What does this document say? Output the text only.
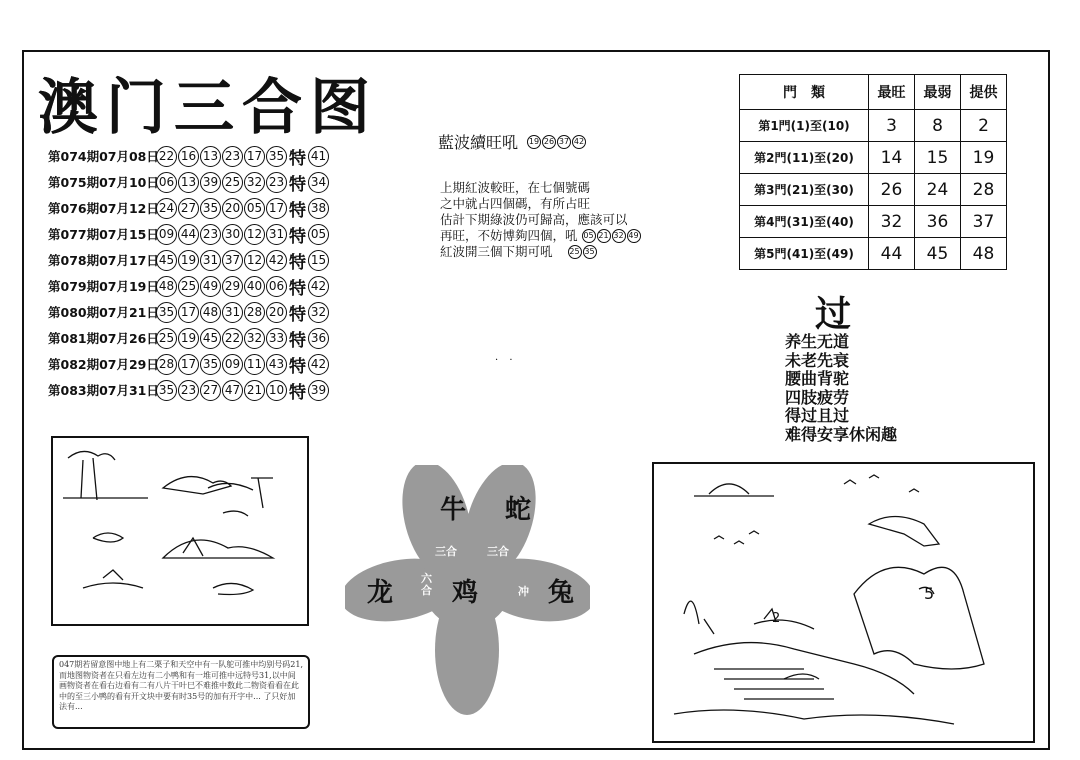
澳门三合图
第074期07月08日 22 16 13 23 17 35 特 41
第075期07月10日 06 13 39 25 32 23 特 34
第076期07月12日 24 27 35 20 05 17 特 38
第077期07月15日 09 44 23 30 12 31 特 05
第078期07月17日 45 19 31 37 12 42 特 15
第079期07月19日 48 25 49 29 40 06 特 42
第080期07月21日 35 17 48 31 28 20 特 32
第081期07月26日 25 19 45 22 32 33 特 36
第082期07月29日 28 17 35 09 11 43 特 42
第083期07月31日 35 23 27 47 21 10 特 39
藍波續旺吼 19 26 37 42
上期紅波較旺，在七個號碼
之中就占四個碼，有所占旺
估計下期綠波仍可歸高，應該可以
再旺，不妨博夠四個，吼 05 21 32 49
紅波開三個下期可吼 25 35
· ·
門　類	最旺	最弱	提供
第1門(1)至(10)	3	8	2
第2門(11)至(20)	14	15	19
第3門(21)至(30)	26	24	28
第4門(31)至(40)	32	36	37
第5門(41)至(49)	44	45	48
过
养生无道
未老先衰
腰曲背驼
四肢疲劳
得过且过
难得安享休闲趣
牛 蛇
龙 鸡	兔
三合	三合
六合	冲	5
2
047期若留意图中地上有二栗子和天空中有一队鸵可推中均别号码21,而地图物资者在只看左边有二小鸭和有一堆可推中远特号31,以中间画物资者在看右边看有二有八片干叶巳不难推中数此二物资看看在此中的至三小鸭的看有开文块中要有时35号的加有开字中... 了只好加法有...
